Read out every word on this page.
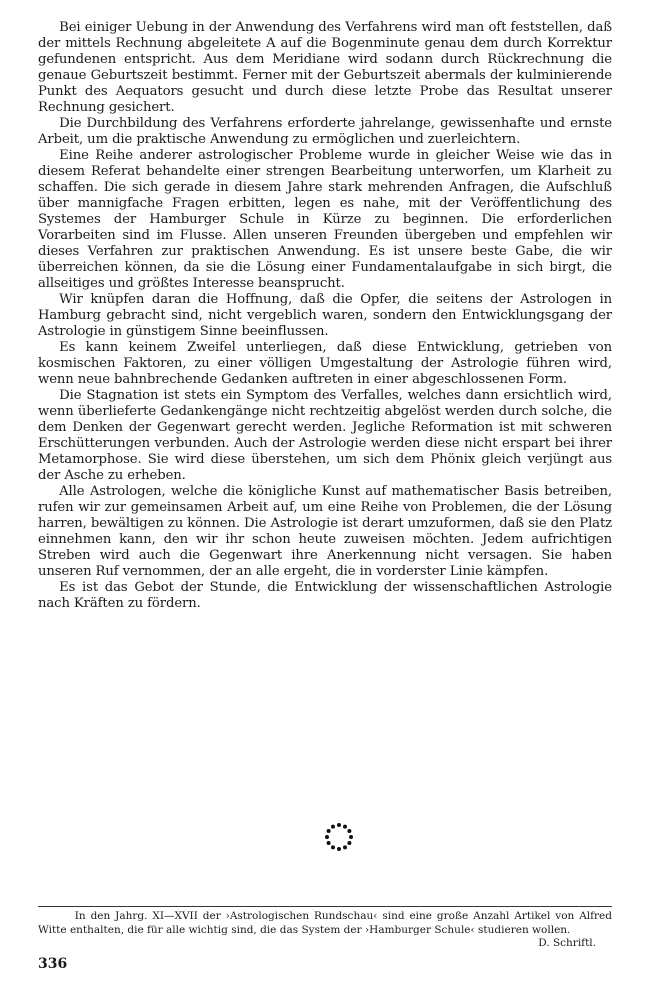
Bei einiger Uebung in der Anwendung des Verfahrens wird man oft feststellen, daß der mittels Rechnung abgeleitete A auf die Bogenminute genau dem durch Korrektur gefundenen entspricht. Aus dem Meridiane wird sodann durch Rückrechnung die genaue Geburtszeit bestimmt. Ferner mit der Geburtszeit abermals der kulminierende Punkt des Aequators gesucht und durch diese letzte Probe das Resultat unserer Rechnung gesichert.

Die Durchbildung des Verfahrens erforderte jahrelange, gewissenhafte und ernste Arbeit, um die praktische Anwendung zu ermöglichen und zuerleichtern.

Eine Reihe anderer astrologischer Probleme wurde in gleicher Weise wie das in diesem Referat behandelte einer strengen Bearbeitung unterworfen, um Klarheit zu schaffen. Die sich gerade in diesem Jahre stark mehrenden Anfragen, die Aufschluß über mannigfache Fragen erbitten, legen es nahe, mit der Veröffentlichung des Systemes der Hamburger Schule in Kürze zu beginnen. Die erforderlichen Vorarbeiten sind im Flusse. Allen unseren Freunden übergeben und empfehlen wir dieses Verfahren zur praktischen Anwendung. Es ist unsere beste Gabe, die wir überreichen können, da sie die Lösung einer Fundamentalaufgabe in sich birgt, die allseitiges und größtes Interesse beansprucht.

Wir knüpfen daran die Hoffnung, daß die Opfer, die seitens der Astrologen in Hamburg gebracht sind, nicht vergeblich waren, sondern den Entwicklungsgang der Astrologie in günstigem Sinne beeinflussen.

Es kann keinem Zweifel unterliegen, daß diese Entwicklung, getrieben von kosmischen Faktoren, zu einer völligen Umgestaltung der Astrologie führen wird, wenn neue bahnbrechende Gedanken auftreten in einer abgeschlossenen Form.

Die Stagnation ist stets ein Symptom des Verfalles, welches dann ersichtlich wird, wenn überlieferte Gedankengänge nicht rechtzeitig abgelöst werden durch solche, die dem Denken der Gegenwart gerecht werden. Jegliche Reformation ist mit schweren Erschütterungen verbunden. Auch der Astrologie werden diese nicht erspart bei ihrer Metamorphose. Sie wird diese überstehen, um sich dem Phönix gleich verjüngt aus der Asche zu erheben.

Alle Astrologen, welche die königliche Kunst auf mathematischer Basis betreiben, rufen wir zur gemeinsamen Arbeit auf, um eine Reihe von Problemen, die der Lösung harren, bewältigen zu können. Die Astrologie ist derart umzuformen, daß sie den Platz einnehmen kann, den wir ihr schon heute zuweisen möchten. Jedem aufrichtigen Streben wird auch die Gegenwart ihre Anerkennung nicht versagen. Sie haben unseren Ruf vernommen, der an alle ergeht, die in vorderster Linie kämpfen.

Es ist das Gebot der Stunde, die Entwicklung der wissenschaftlichen Astrologie nach Kräften zu fördern.

In den Jahrg. XI—XVII der ›Astrologischen Rundschau‹ sind eine große Anzahl Artikel von Alfred Witte enthalten, die für alle wichtig sind, die das System der ›Hamburger Schule‹ studieren wollen.
D. Schriftl.
336
